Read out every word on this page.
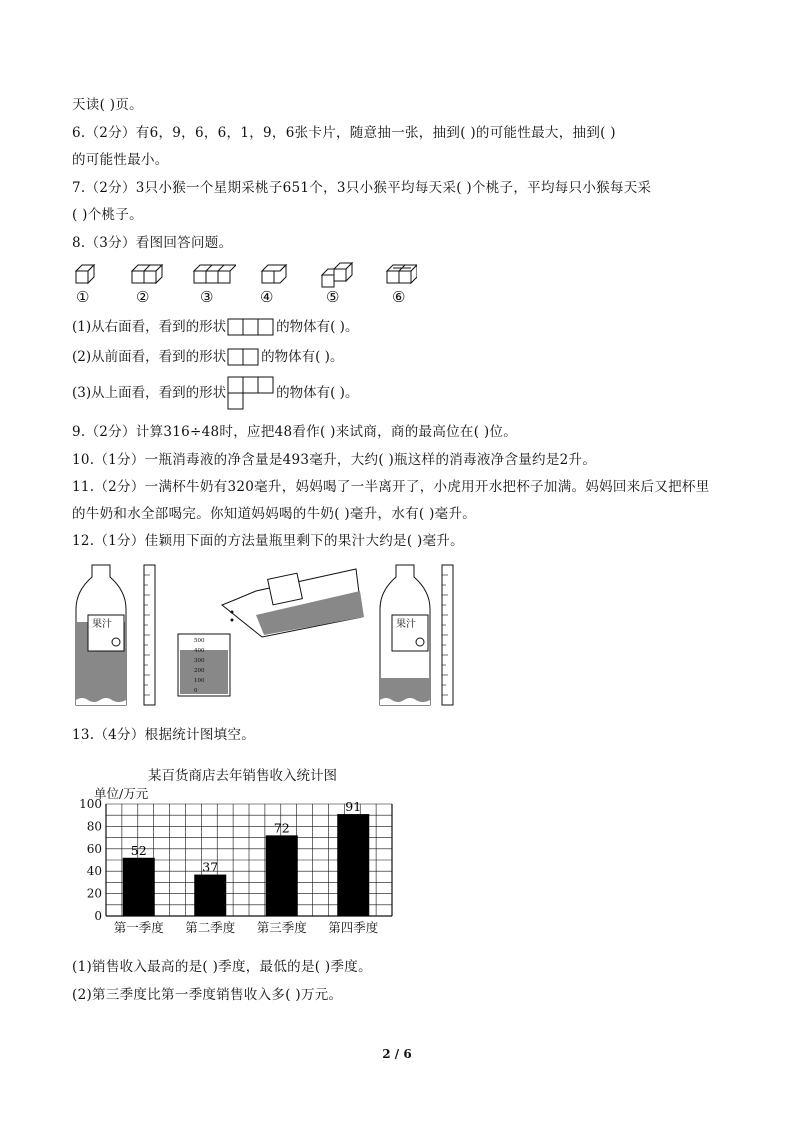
天读( )页。
6.（2分）有6，9，6，6，1，9，6张卡片，随意抽一张，抽到( )的可能性最大，抽到( )
的可能性最小。
7.（2分）3只小猴一个星期采桃子651个，3只小猴平均每天采( )个桃子，平均每只小猴每天采
( )个桃子。
8.（3分）看图回答问题。
①	②	③	④	⑤	⑥
(1)从右面看，看到的形状	的物体有( )。
(2)从前面看，看到的形状	的物体有( )。
(3)从上面看，看到的形状	的物体有( )。
9.（2分）计算316÷48时，应把48看作( )来试商，商的最高位在( )位。
10.（1分）一瓶消毒液的净含量是493毫升，大约( )瓶这样的消毒液净含量约是2升。
11.（2分）一满杯牛奶有320毫升，妈妈喝了一半离开了，小虎用开水把杯子加满。妈妈回来后又把杯里
的牛奶和水全部喝完。你知道妈妈喝的牛奶( )毫升，水有( )毫升。
12.（1分）佳颖用下面的方法量瓶里剩下的果汁大约是( )毫升。
果汁
500
400
300
200
100
0
果汁
13.（4分）根据统计图填空。
某百货商店去年销售收入统计图
52
37
72
91
100
80
60
40
20
0
第一季度 第二季度 第三季度 第四季度
单位/万元
2 / 6
(1)销售收入最高的是( )季度，最低的是( )季度。
(2)第三季度比第一季度销售收入多( )万元。
